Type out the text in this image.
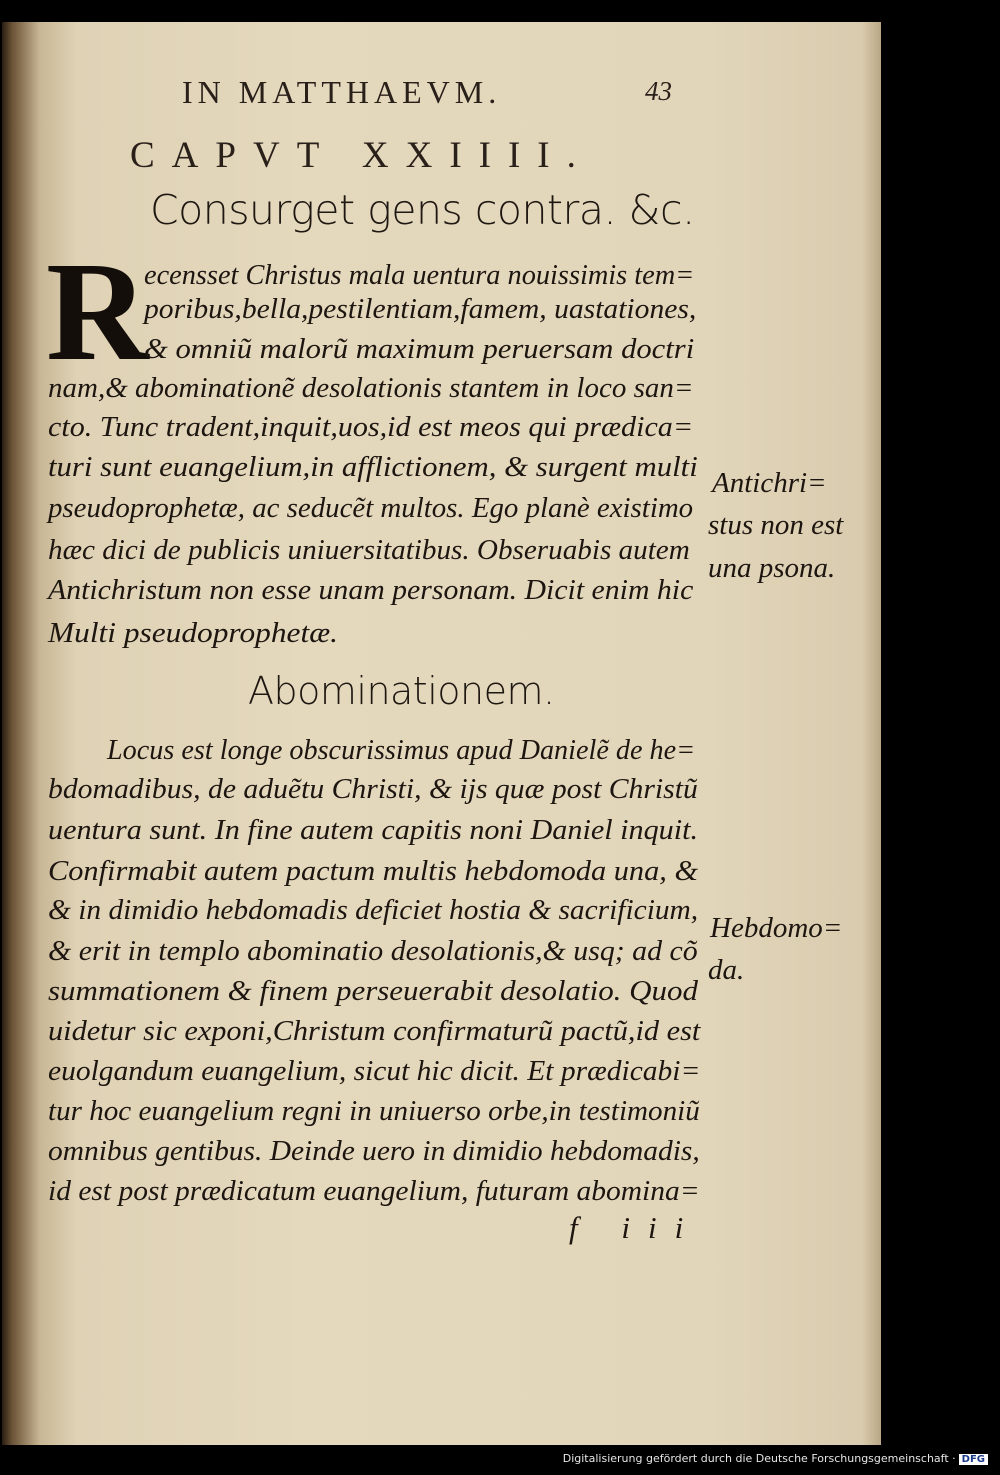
IN MATTHAEVM.	43
CAPVT XXIIII.
Consurget gens contra. &c.
R
ecensset Christus mala uentura nouissimis tem=
poribus,bella,pestilentiam,famem, uastationes,
& omniũ malorũ maximum peruersam doctri
nam,& abominationẽ desolationis stantem in loco san=
cto. Tunc tradent,inquit,uos,id est meos qui prædica=
turi sunt euangelium,in afflictionem, & surgent multi
pseudoprophetæ, ac seducẽt multos. Ego planè existimo
hæc dici de publicis uniuersitatibus. Obseruabis autem
Antichristum non esse unam personam. Dicit enim hic
Multi pseudoprophetæ.
Antichri=
stus non est
una psona.
Abominationem.
Locus est longe obscurissimus apud Danielẽ de he=
bdomadibus, de aduẽtu Christi, & ijs quæ post Christũ
uentura sunt. In fine autem capitis noni Daniel inquit.
Confirmabit autem pactum multis hebdomoda una, &
& in dimidio hebdomadis deficiet hostia & sacrificium,
& erit in templo abominatio desolationis,& usq; ad cõ
summationem & finem perseuerabit desolatio. Quod
uidetur sic exponi,Christum confirmaturũ pactũ,id est
euolgandum euangelium, sicut hic dicit. Et prædicabi=
tur hoc euangelium regni in uniuerso orbe,in testimoniũ
omnibus gentibus. Deinde uero in dimidio hebdomadis,
id est post prædicatum euangelium, futuram abomina=
Hebdomo=
da.
f iii
Digitalisierung gefördert durch die Deutsche Forschungsgemeinschaft · DFG
